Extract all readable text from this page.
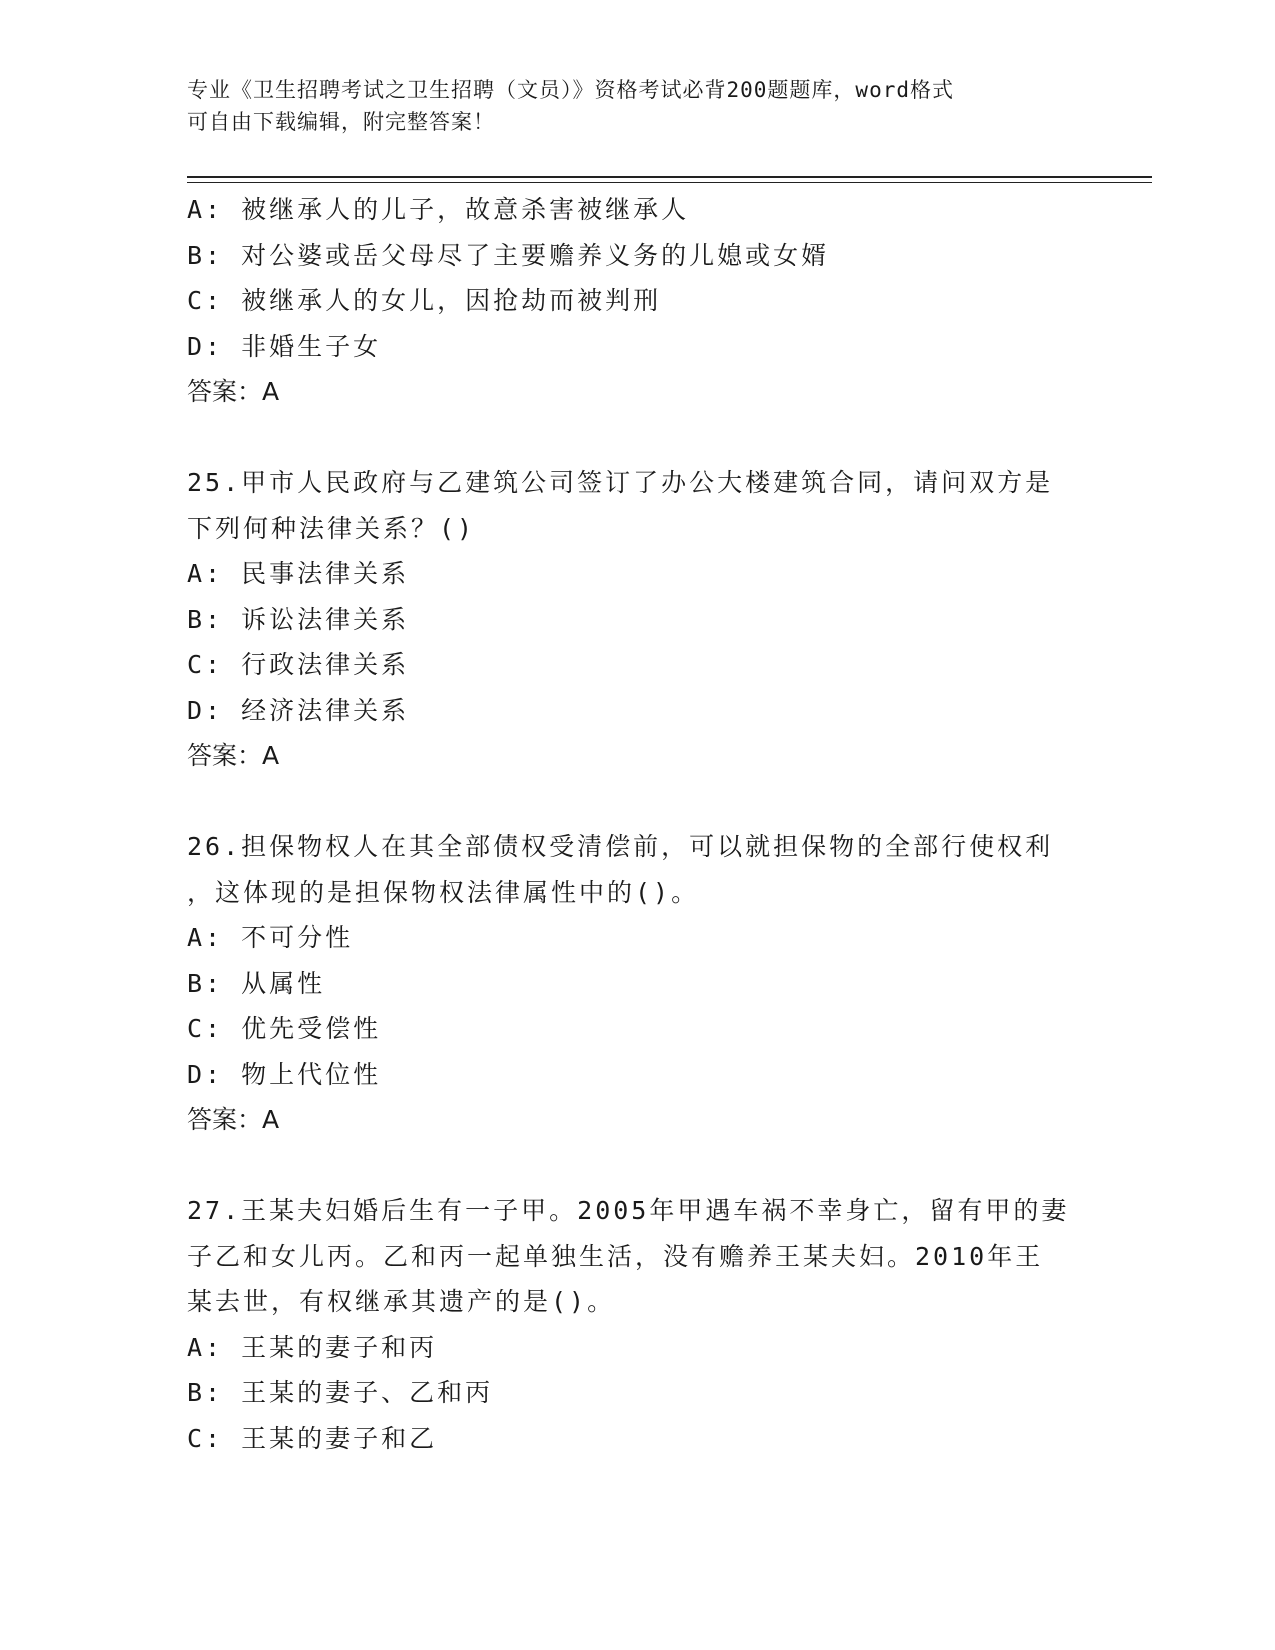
专业《卫生招聘考试之卫生招聘（文员）》资格考试必背200题题库，word格式
可自由下载编辑，附完整答案！
A: 被继承人的儿子，故意杀害被继承人
B: 对公婆或岳父母尽了主要赡养义务的儿媳或女婿
C: 被继承人的女儿，因抢劫而被判刑
D: 非婚生子女
答案：A
25.甲市人民政府与乙建筑公司签订了办公大楼建筑合同，请问双方是
下列何种法律关系？()
A: 民事法律关系
B: 诉讼法律关系
C: 行政法律关系
D: 经济法律关系
答案：A
26.担保物权人在其全部债权受清偿前，可以就担保物的全部行使权利
，这体现的是担保物权法律属性中的()。
A: 不可分性
B: 从属性
C: 优先受偿性
D: 物上代位性
答案：A
27.王某夫妇婚后生有一子甲。2005年甲遇车祸不幸身亡，留有甲的妻
子乙和女儿丙。乙和丙一起单独生活，没有赡养王某夫妇。2010年王
某去世，有权继承其遗产的是()。
A: 王某的妻子和丙
B: 王某的妻子、乙和丙
C: 王某的妻子和乙
